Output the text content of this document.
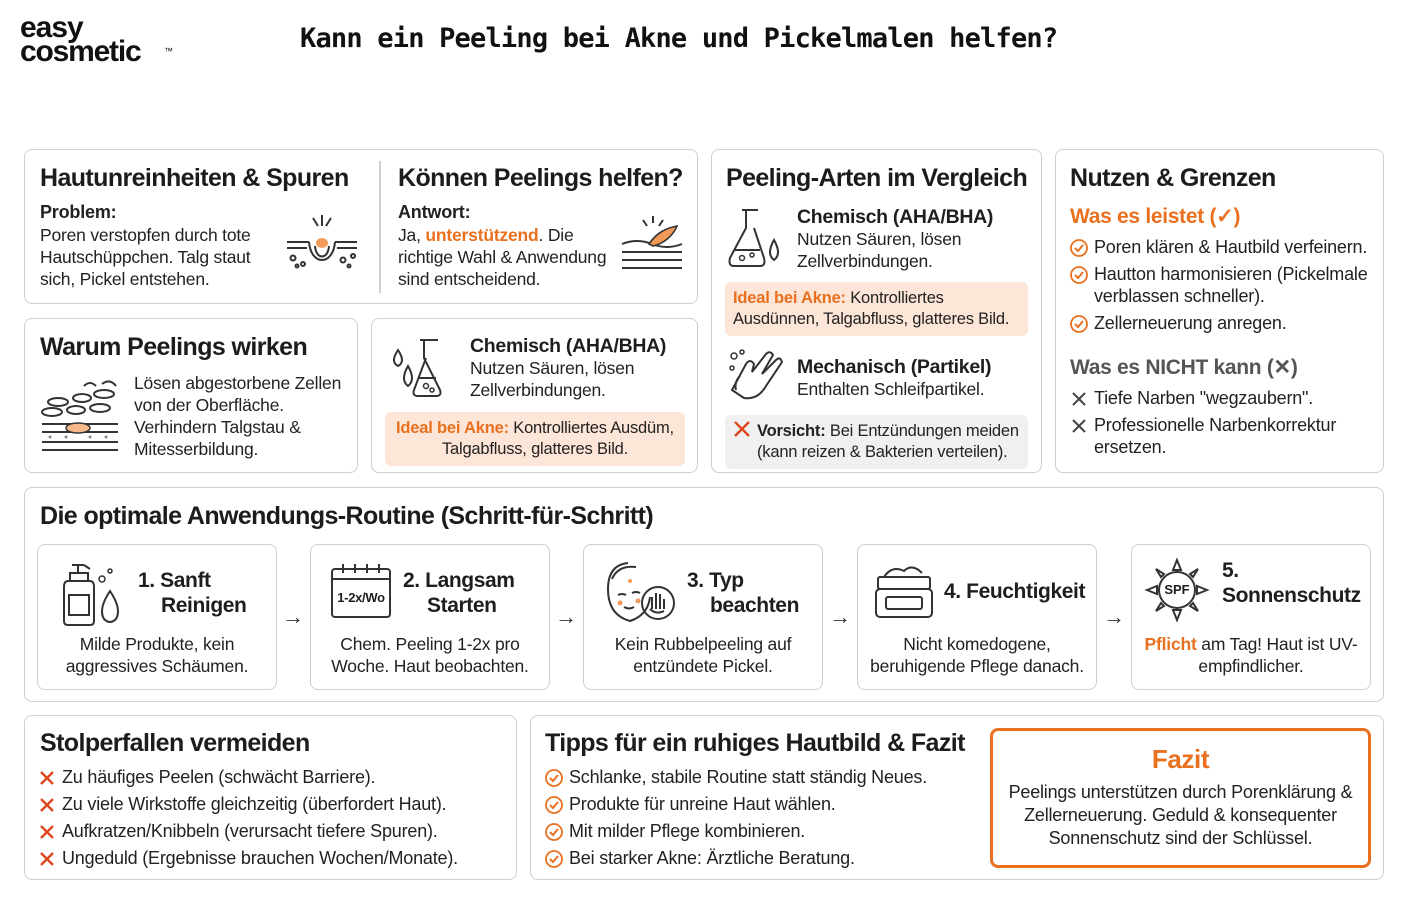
easy
cosmetic	™	Kann ein Peeling bei Akne und Pickelmalen helfen?
Hautunreinheiten & Spuren
Problem:
Poren verstopfen durch tote Hautschüppchen. Talg staut sich, Pickel entstehen.
Können Peelings helfen?
Antwort:
Ja, unterstützend. Die richtige Wahl & Anwendung sind entscheidend.
Warum Peelings wirken
Lösen abgestorbene Zellen von der Oberfläche. Verhindern Talgstau & Mitesserbildung.
Chemisch (AHA/BHA)
Nutzen Säuren, lösen Zellverbindungen.
Ideal bei Akne: Kontrolliertes Ausdüm, Talgabfluss, glatteres Bild.
Peeling-Arten im Vergleich
Chemisch (AHA/BHA)
Nutzen Säuren, lösen Zellverbindungen.
Ideal bei Akne: Kontrolliertes Ausdünnen, Talgabfluss, glatteres Bild.
Mechanisch (Partikel)
Enthalten Schleifpartikel.
Vorsicht: Bei Entzündungen meiden (kann reizen & Bakterien verteilen).
Nutzen & Grenzen
Was es leistet (✓)
Poren klären & Hautbild verfeinern.
Hautton harmonisieren (Pickelmale verblassen schneller).
Zellerneuerung anregen.
Was es NICHT kann (✕)
Tiefe Narben "wegzaubern".
Professionelle Narbenkorrektur ersetzen.
Die optimale Anwendungs-Routine (Schritt-für-Schritt)
1. Sanft
Reinigen
Milde Produkte, kein aggressives Schäumen.
→
1-2x/Wo
2. Langsam
Starten
Chem. Peeling 1-2x pro Woche. Haut beobachten.
→
3. Typ
beachten
Kein Rubbelpeeling auf entzündete Pickel.
→
4. Feuchtigkeit
Nicht komedogene, beruhigende Pflege danach.
→
SPF
5.
Sonnenschutz
Pflicht am Tag! Haut ist UV-empfindlicher.
Stolperfallen vermeiden
Zu häufiges Peelen (schwächt Barriere).
Zu viele Wirkstoffe gleichzeitig (überfordert Haut).
Aufkratzen/Knibbeln (verursacht tiefere Spuren).
Ungeduld (Ergebnisse brauchen Wochen/Monate).
Tipps für ein ruhiges Hautbild & Fazit
Schlanke, stabile Routine statt ständig Neues.
Produkte für unreine Haut wählen.
Mit milder Pflege kombinieren.
Bei starker Akne: Ärztliche Beratung.
Fazit
Peelings unterstützen durch Porenklärung & Zellerneuerung. Geduld & konsequenter Sonnenschutz sind der Schlüssel.
